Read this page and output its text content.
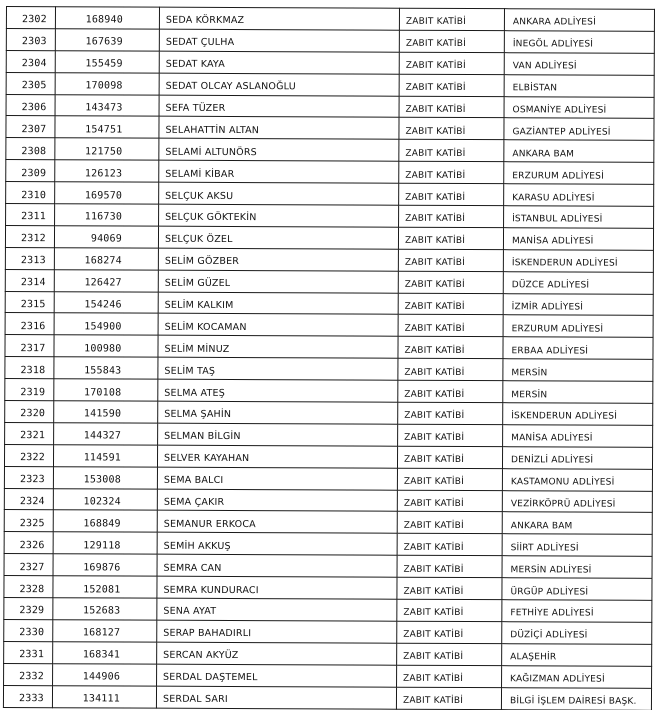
2302	168940	SEDA KÖRKMAZ	ZABIT KATİBİ	ANKARA ADLİYESİ
2303	167639	SEDAT ÇULHA	ZABIT KATİBİ	İNEGÖL ADLİYESİ
2304	155459	SEDAT KAYA	ZABIT KATİBİ	VAN ADLİYESİ
2305	170098	SEDAT OLCAY ASLANOĞLU	ZABIT KATİBİ	ELBİSTAN
2306	143473	SEFA TÜZER	ZABIT KATİBİ	OSMANİYE ADLİYESİ
2307	154751	SELAHATTİN ALTAN	ZABIT KATİBİ	GAZİANTEP ADLİYESİ
2308	121750	SELAMİ ALTUNÖRS	ZABIT KATİBİ	ANKARA BAM
2309	126123	SELAMİ KİBAR	ZABIT KATİBİ	ERZURUM ADLİYESİ
2310	169570	SELÇUK AKSU	ZABIT KATİBİ	KARASU ADLİYESİ
2311	116730	SELÇUK GÖKTEKİN	ZABIT KATİBİ	İSTANBUL ADLİYESİ
2312	94069	SELÇUK ÖZEL	ZABIT KATİBİ	MANİSA ADLİYESİ
2313	168274	SELİM GÖZBER	ZABIT KATİBİ	İSKENDERUN ADLİYESİ
2314	126427	SELİM GÜZEL	ZABIT KATİBİ	DÜZCE ADLİYESİ
2315	154246	SELİM KALKIM	ZABIT KATİBİ	İZMİR ADLİYESİ
2316	154900	SELİM KOCAMAN	ZABIT KATİBİ	ERZURUM ADLİYESİ
2317	100980	SELİM MİNUZ	ZABIT KATİBİ	ERBAA ADLİYESİ
2318	155843	SELİM TAŞ	ZABIT KATİBİ	MERSİN
2319	170108	SELMA ATEŞ	ZABIT KATİBİ	MERSİN
2320	141590	SELMA ŞAHİN	ZABIT KATİBİ	İSKENDERUN ADLİYESİ
2321	144327	SELMAN BİLGİN	ZABIT KATİBİ	MANİSA ADLİYESİ
2322	114591	SELVER KAYAHAN	ZABIT KATİBİ	DENİZLİ ADLİYESİ
2323	153008	SEMA BALCI	ZABIT KATİBİ	KASTAMONU ADLİYESİ
2324	102324	SEMA ÇAKIR	ZABIT KATİBİ	VEZİRKÖPRÜ ADLİYESİ
2325	168849	SEMANUR ERKOCA	ZABIT KATİBİ	ANKARA BAM
2326	129118	SEMİH AKKUŞ	ZABIT KATİBİ	SİİRT ADLİYESİ
2327	169876	SEMRA CAN	ZABIT KATİBİ	MERSİN ADLİYESİ
2328	152081	SEMRA KUNDURACI	ZABIT KATİBİ	ÜRGÜP ADLİYESİ
2329	152683	SENA AYAT	ZABIT KATİBİ	FETHİYE ADLİYESİ
2330	168127	SERAP BAHADIRLI	ZABIT KATİBİ	DÜZİÇİ ADLİYESİ
2331	168341	SERCAN AKYÜZ	ZABIT KATİBİ	ALAŞEHİR
2332	144906	SERDAL DAŞTEMEL	ZABIT KATİBİ	KAĞIZMAN ADLİYESİ
2333	134111	SERDAL SARI	ZABIT KATİBİ	BİLGİ İŞLEM DAİRESİ BAŞK.
